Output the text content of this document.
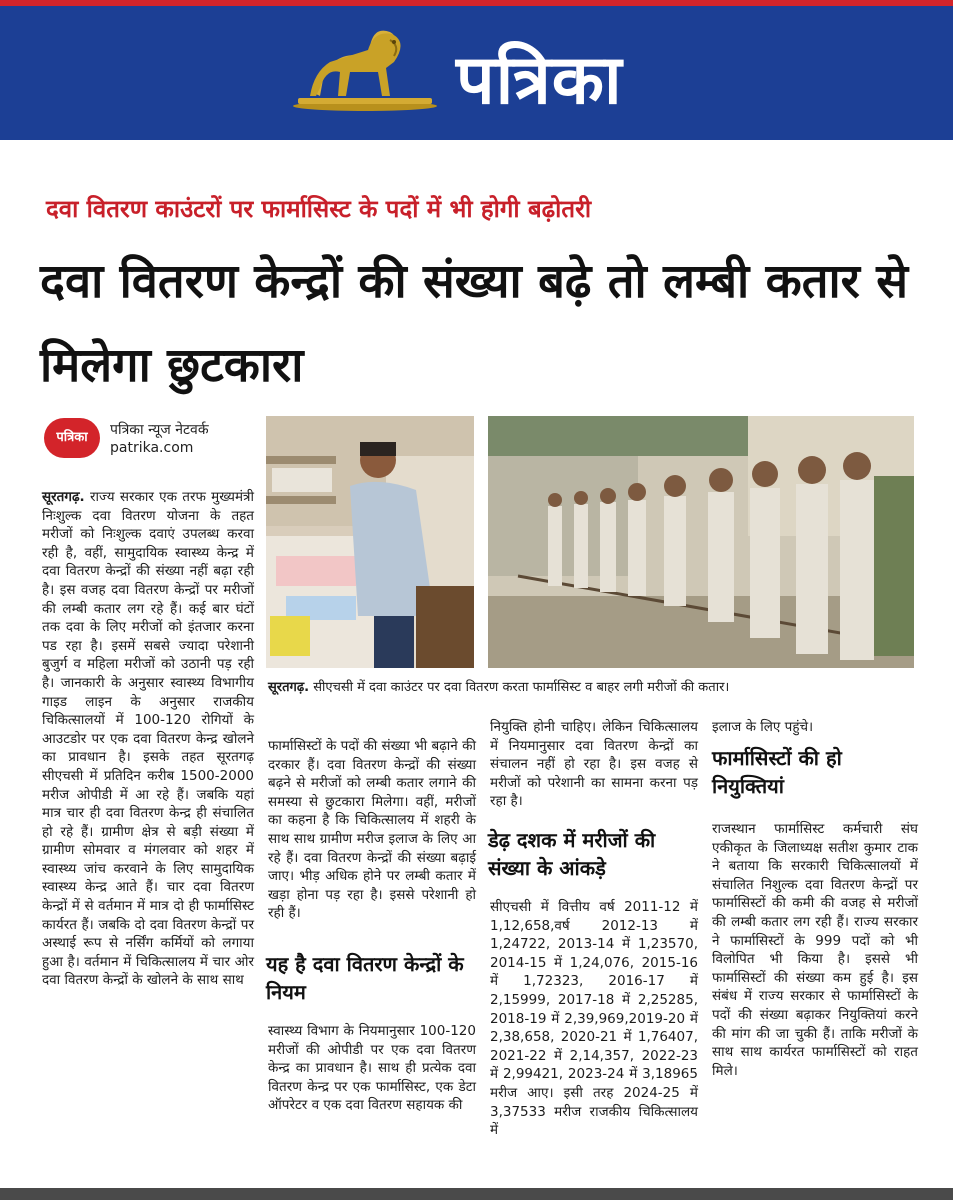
पत्रिका
दवा वितरण काउंटरों पर फार्मासिस्ट के पदों में भी होगी बढ़ोतरी
दवा वितरण केन्द्रों की संख्या बढ़े तो लम्बी कतार से मिलेगा छुटकारा
पत्रिका	पत्रिका न्यूज नेटवर्क
patrika.com

सूरतगढ़. राज्य सरकार एक तरफ मुख्यमंत्री निःशुल्क दवा वितरण योजना के तहत मरीजों को निःशुल्क दवाएं उपलब्ध करवा रही है, वहीं, सामुदायिक स्वास्थ्य केन्द्र में दवा वितरण केन्द्रों की संख्या नहीं बढ़ा रही है। इस वजह दवा वितरण केन्द्रों पर मरीजों की लम्बी कतार लग रहे हैं। कई बार घंटों तक दवा के लिए मरीजों को इंतजार करना पड रहा है। इसमें सबसे ज्यादा परेशानी बुजुर्ग व महिला मरीजों को उठानी पड़ रही है। जानकारी के अनुसार स्वास्थ्य विभागीय गाइड लाइन के अनुसार राजकीय चिकित्सालयों में 100-120 रोगियों के आउटडोर पर एक दवा वितरण केन्द्र खोलने का प्रावधान है। इसके तहत सूरतगढ़ सीएचसी में प्रतिदिन करीब 1500-2000 मरीज ओपीडी में आ रहे हैं। जबकि यहां मात्र चार ही दवा वितरण केन्द्र ही संचालित हो रहे हैं। ग्रामीण क्षेत्र से बड़ी संख्या में ग्रामीण सोमवार व मंगलवार को शहर में स्वास्थ्य जांच करवाने के लिए सामुदायिक स्वास्थ्य केन्द्र आते हैं। चार दवा वितरण केन्द्रों में से वर्तमान में मात्र दो ही फार्मासिस्ट कार्यरत हैं। जबकि दो दवा वितरण केन्द्रों पर अस्थाई रूप से नर्सिंग कर्मियों को लगाया हुआ है। वर्तमान में चिकित्सालय में चार ओर दवा वितरण केन्द्रों के खोलने के साथ साथ

सूरतगढ़. सीएचसी में दवा काउंटर पर दवा वितरण करता फार्मासिस्ट व बाहर लगी मरीजों की कतार।

फार्मासिस्टों के पदों की संख्या भी बढ़ाने की दरकार हैं। दवा वितरण केन्द्रों की संख्या बढ़ने से मरीजों को लम्बी कतार लगाने की समस्या से छुटकारा मिलेगा। वहीं, मरीजों का कहना है कि चिकित्सालय में शहरी के साथ साथ ग्रामीण मरीज इलाज के लिए आ रहे हैं। दवा वितरण केन्द्रों की संख्या बढ़ाई जाए। भीड़ अधिक होने पर लम्बी कतार में खड़ा होना पड़ रहा है। इससे परेशानी हो रही हैं।

यह है दवा वितरण केन्द्रों के नियम

स्वास्थ्य विभाग के नियमानुसार 100-120 मरीजों की ओपीडी पर एक दवा वितरण केन्द्र का प्रावधान है। साथ ही प्रत्येक दवा वितरण केन्द्र पर एक फार्मासिस्ट, एक डेटा ऑपरेटर व एक दवा वितरण सहायक की

नियुक्ति होनी चाहिए। लेकिन चिकित्सालय में नियमानुसार दवा वितरण केन्द्रों का संचालन नहीं हो रहा है। इस वजह से मरीजों को परेशानी का सामना करना पड़ रहा है।

डेढ़ दशक में मरीजों की संख्या के आंकड़े

सीएचसी में वित्तीय वर्ष 2011-12 में 1,12,658,वर्ष 2012-13 में 1,24722, 2013-14 में 1,23570, 2014-15 में 1,24,076, 2015-16 में 1,72323, 2016-17 में 2,15999, 2017-18 में 2,25285, 2018-19 में 2,39,969,2019-20 में 2,38,658, 2020-21 में 1,76407, 2021-22 में 2,14,357, 2022-23 में 2,99421, 2023-24 में 3,18965 मरीज आए। इसी तरह 2024-25 में 3,37533 मरीज राजकीय चिकित्सालय में

इलाज के लिए पहुंचे।

फार्मासिस्टों की हो नियुक्तियां

राजस्थान फार्मासिस्ट कर्मचारी संघ एकीकृत के जिलाध्यक्ष सतीश कुमार टाक ने बताया कि सरकारी चिकित्सालयों में संचालित निशुल्क दवा वितरण केन्द्रों पर फार्मासिस्टों की कमी की वजह से मरीजों की लम्बी कतार लग रही हैं। राज्य सरकार ने फार्मासिस्टों के 999 पदों को भी विलोपित भी किया है। इससे भी फार्मासिस्टों की संख्या कम हुई है। इस संबंध में राज्य सरकार से फार्मासिस्टों के पदों की संख्या बढ़ाकर नियुक्तियां करने की मांग की जा चुकी हैं। ताकि मरीजों के साथ साथ कार्यरत फार्मासिस्टों को राहत मिले।
